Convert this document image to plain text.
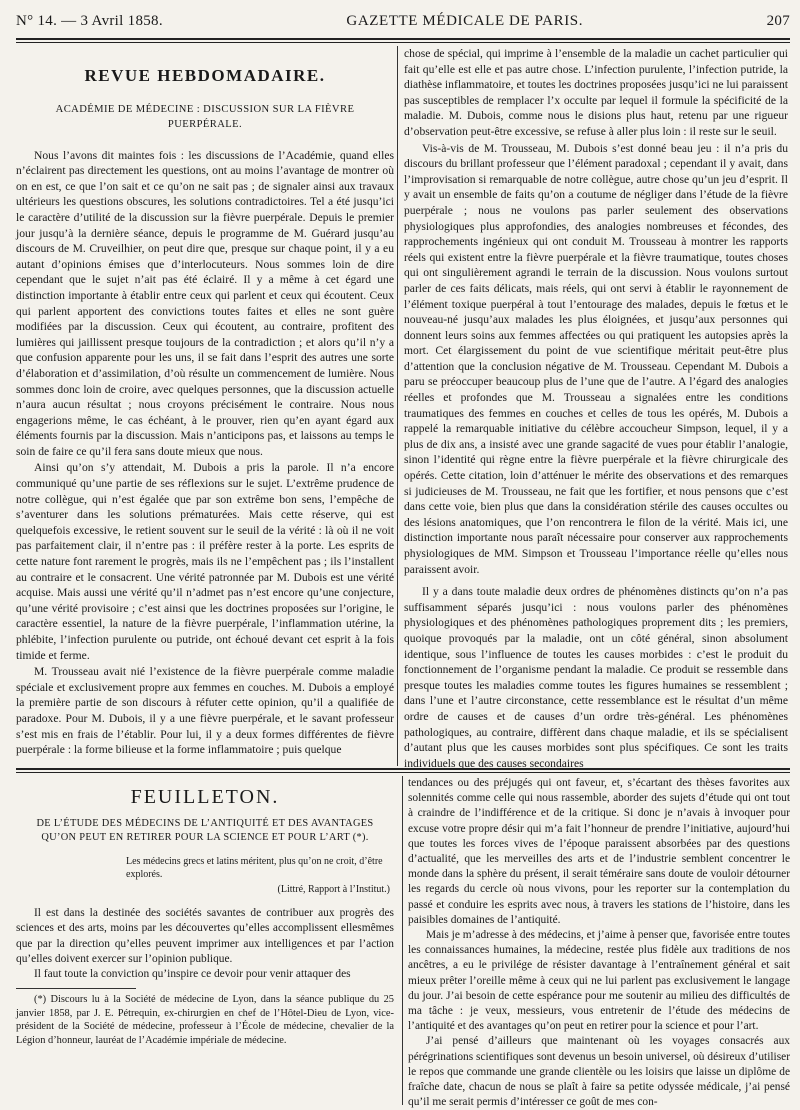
N° 14. — 3 Avril 1858.	GAZETTE MÉDICALE DE PARIS.	207
REVUE HEBDOMADAIRE.
ACADÉMIE DE MÉDECINE : DISCUSSION SUR LA FIÈVRE PUERPÉRALE.

Nous l’avons dit maintes fois : les discussions de l’Académie, quand elles n’éclairent pas directement les questions, ont au moins l’avantage de montrer où on en est, ce que l’on sait et ce qu’on ne sait pas ; de signaler ainsi aux travaux ultérieurs les questions obscures, les solutions contradictoires. Tel a été jusqu’ici le caractère d’utilité de la discussion sur la fièvre puerpérale. Depuis le premier jour jusqu’à la dernière séance, depuis le programme de M. Guérard jusqu’au discours de M. Cruveilhier, on peut dire que, presque sur chaque point, il y a eu autant d’opinions émises que d’interlocuteurs. Nous sommes loin de dire cependant que le sujet n’ait pas été éclairé. Il y a même à cet égard une distinction importante à établir entre ceux qui parlent et ceux qui écoutent. Ceux qui parlent apportent des convictions toutes faites et elles ne sont guère modifiées par la discussion. Ceux qui écoutent, au contraire, profitent des lumières qui jaillissent presque toujours de la contradiction ; et alors qu’il n’y a que confusion apparente pour les uns, il se fait dans l’esprit des autres une sorte d’élaboration et d’assimilation, d’où résulte un commencement de lumière. Nous sommes donc loin de croire, avec quelques personnes, que la discussion actuelle n’aura aucun résultat ; nous croyons précisément le contraire. Nous nous engagerions même, le cas échéant, à le prouver, rien qu’en ayant égard aux éléments fournis par la discussion. Mais n’anticipons pas, et laissons au temps le soin de faire ce qu’il fera sans doute mieux que nous.

Ainsi qu’on s’y attendait, M. Dubois a pris la parole. Il n’a encore communiqué qu’une partie de ses réflexions sur le sujet. L’extrême prudence de notre collègue, qui n’est égalée que par son extrême bon sens, l’empêche de s’aventurer dans les solutions prématurées. Mais cette réserve, qui est quelquefois excessive, le retient souvent sur le seuil de la vérité : là où il ne voit pas parfaitement clair, il n’entre pas : il préfère rester à la porte. Les esprits de cette nature font rarement le progrès, mais ils ne l’empêchent pas ; ils l’installent au contraire et le consacrent. Une vérité patronnée par M. Dubois est une vérité acquise. Mais aussi une vérité qu’il n’admet pas n’est encore qu’une conjecture, qu’une vérité provisoire ; c’est ainsi que les doctrines proposées sur l’origine, le caractère essentiel, la nature de la fièvre puerpérale, l’inflammation utérine, la phlébite, l’infection purulente ou putride, ont échoué devant cet esprit à la fois timide et ferme.

M. Trousseau avait nié l’existence de la fièvre puerpérale comme maladie spéciale et exclusivement propre aux femmes en couches. M. Dubois a employé la première partie de son discours à réfuter cette opinion, qu’il a qualifiée de paradoxe. Pour M. Dubois, il y a une fièvre puerpérale, et le savant professeur s’est mis en frais de l’établir. Pour lui, il y a deux formes différentes de fièvre puerpérale : la forme bilieuse et la forme inflammatoire ; puis quelque

chose de spécial, qui imprime à l’ensemble de la maladie un cachet particulier qui fait qu’elle est elle et pas autre chose. L’infection purulente, l’infection putride, la diathèse inflammatoire, et toutes les doctrines proposées jusqu’ici ne lui paraissent pas susceptibles de remplacer l’x occulte par lequel il formule la spécificité de la maladie. M. Dubois, comme nous le disions plus haut, retenu par une rigueur d’observation peut-être excessive, se refuse à aller plus loin : il reste sur le seuil.

Vis-à-vis de M. Trousseau, M. Dubois s’est donné beau jeu : il n’a pris du discours du brillant professeur que l’élément paradoxal ; cependant il y avait, dans l’improvisation si remarquable de notre collègue, autre chose qu’un jeu d’esprit. Il y avait un ensemble de faits qu’on a coutume de négliger dans l’étude de la fièvre puerpérale ; nous ne voulons pas parler seulement des observations physiologiques plus approfondies, des analogies nombreuses et fécondes, des rapprochements ingénieux qui ont conduit M. Trousseau à montrer les rapports réels qui existent entre la fièvre puerpérale et la fièvre traumatique, toutes choses qui ont singulièrement agrandi le terrain de la discussion. Nous voulons surtout parler de ces faits délicats, mais réels, qui ont servi à établir le rayonnement de l’élément toxique puerpéral à tout l’entourage des malades, depuis le fœtus et le nouveau-né jusqu’aux malades les plus éloignées, et jusqu’aux personnes qui donnent leurs soins aux femmes affectées ou qui pratiquent les autopsies après la mort. Cet élargissement du point de vue scientifique méritait peut-être plus d’attention que la conclusion négative de M. Trousseau. Cependant M. Dubois a paru se préoccuper beaucoup plus de l’une que de l’autre. A l’égard des analogies réelles et profondes que M. Trousseau a signalées entre les conditions traumatiques des femmes en couches et celles de tous les opérés, M. Dubois a rappelé la remarquable initiative du célèbre accoucheur Simpson, lequel, il y a plus de dix ans, a insisté avec une grande sagacité de vues pour établir l’analogie, sinon l’identité qui règne entre la fièvre puerpérale et la fièvre chirurgicale des opérés. Cette citation, loin d’atténuer le mérite des observations et des remarques si judicieuses de M. Trousseau, ne fait que les fortifier, et nous pensons que c’est dans cette voie, bien plus que dans la considération stérile des causes occultes ou des lésions anatomiques, que l’on rencontrera le filon de la vérité. Mais ici, une distinction importante nous paraît nécessaire pour conserver aux rapprochements physiologiques de MM. Simpson et Trousseau l’importance réelle qu’elles nous paraissent avoir.

Il y a dans toute maladie deux ordres de phénomènes distincts qu’on n’a pas suffisamment séparés jusqu’ici : nous voulons parler des phénomènes physiologiques et des phénomènes pathologiques proprement dits ; les premiers, quoique provoqués par la maladie, ont un côté général, sinon absolument identique, sous l’influence de toutes les causes morbides : c’est le produit du fonctionnement de l’organisme pendant la maladie. Ce produit se ressemble dans presque toutes les maladies comme toutes les figures humaines se ressemblent ; dans l’une et l’autre circonstance, cette ressemblance est le résultat d’un même ordre de causes et de causes d’un ordre très-général. Les phénomènes pathologiques, au contraire, diffèrent dans chaque maladie, et ils se spécialisent d’autant plus que les causes morbides sont plus spécifiques. Ce sont les traits individuels que des causes secondaires

FEUILLETON.
DE L’ÉTUDE DES MÉDECINS DE L’ANTIQUITÉ ET DES AVANTAGES QU’ON PEUT EN RETIRER POUR LA SCIENCE ET POUR L’ART (*).
Les médecins grecs et latins méritent, plus qu’on ne croit, d’être explorés.
(Littré, Rapport à l’Institut.)

Il est dans la destinée des sociétés savantes de contribuer aux progrès des sciences et des arts, moins par les découvertes qu’elles accomplissent ellesmêmes que par la direction qu’elles peuvent imprimer aux intelligences et par l’action qu’elles doivent exercer sur l’opinion publique.

Il faut toute la conviction qu’inspire ce devoir pour venir attaquer des

(*) Discours lu à la Société de médecine de Lyon, dans la séance publique du 25 janvier 1858, par J. E. Pétrequin, ex-chirurgien en chef de l’Hôtel-Dieu de Lyon, vice-président de la Société de médecine, professeur à l’École de médecine, chevalier de la Légion d’honneur, lauréat de l’Académie impériale de médecine.

tendances ou des préjugés qui ont faveur, et, s’écartant des thèses favorites aux solennités comme celle qui nous rassemble, aborder des sujets d’étude qui ont tout à craindre de l’indifférence et de la critique. Si donc je n’avais à invoquer pour excuse votre propre désir qui m’a fait l’honneur de prendre l’initiative, aujourd’hui que toutes les forces vives de l’époque paraissent absorbées par des questions d’actualité, que les merveilles des arts et de l’industrie semblent concentrer le monde dans la sphère du présent, il serait téméraire sans doute de vouloir détourner les regards du cercle où nous vivons, pour les reporter sur la contemplation du passé et conduire les esprits avec nous, à travers les stations de l’histoire, dans les paisibles domaines de l’antiquité.

Mais je m’adresse à des médecins, et j’aime à penser que, favorisée entre toutes les connaissances humaines, la médecine, restée plus fidèle aux traditions de nos ancêtres, a eu le privilége de résister davantage à l’entraînement général et sait mieux prêter l’oreille même à ceux qui ne lui parlent pas exclusivement le langage du jour. J’ai besoin de cette espérance pour me soutenir au milieu des difficultés de ma tâche : je veux, messieurs, vous entretenir de l’étude des médecins de l’antiquité et des avantages qu’on peut en retirer pour la science et pour l’art.

J’ai pensé d’ailleurs que maintenant où les voyages consacrés aux pérégrinations scientifiques sont devenus un besoin universel, où désireux d’utiliser le repos que commande une grande clientèle ou les loisirs que laisse un diplôme de fraîche date, chacun de nous se plaît à faire sa petite odyssée médicale, j’ai pensé qu’il me serait permis d’intéresser ce goût de mes con-
